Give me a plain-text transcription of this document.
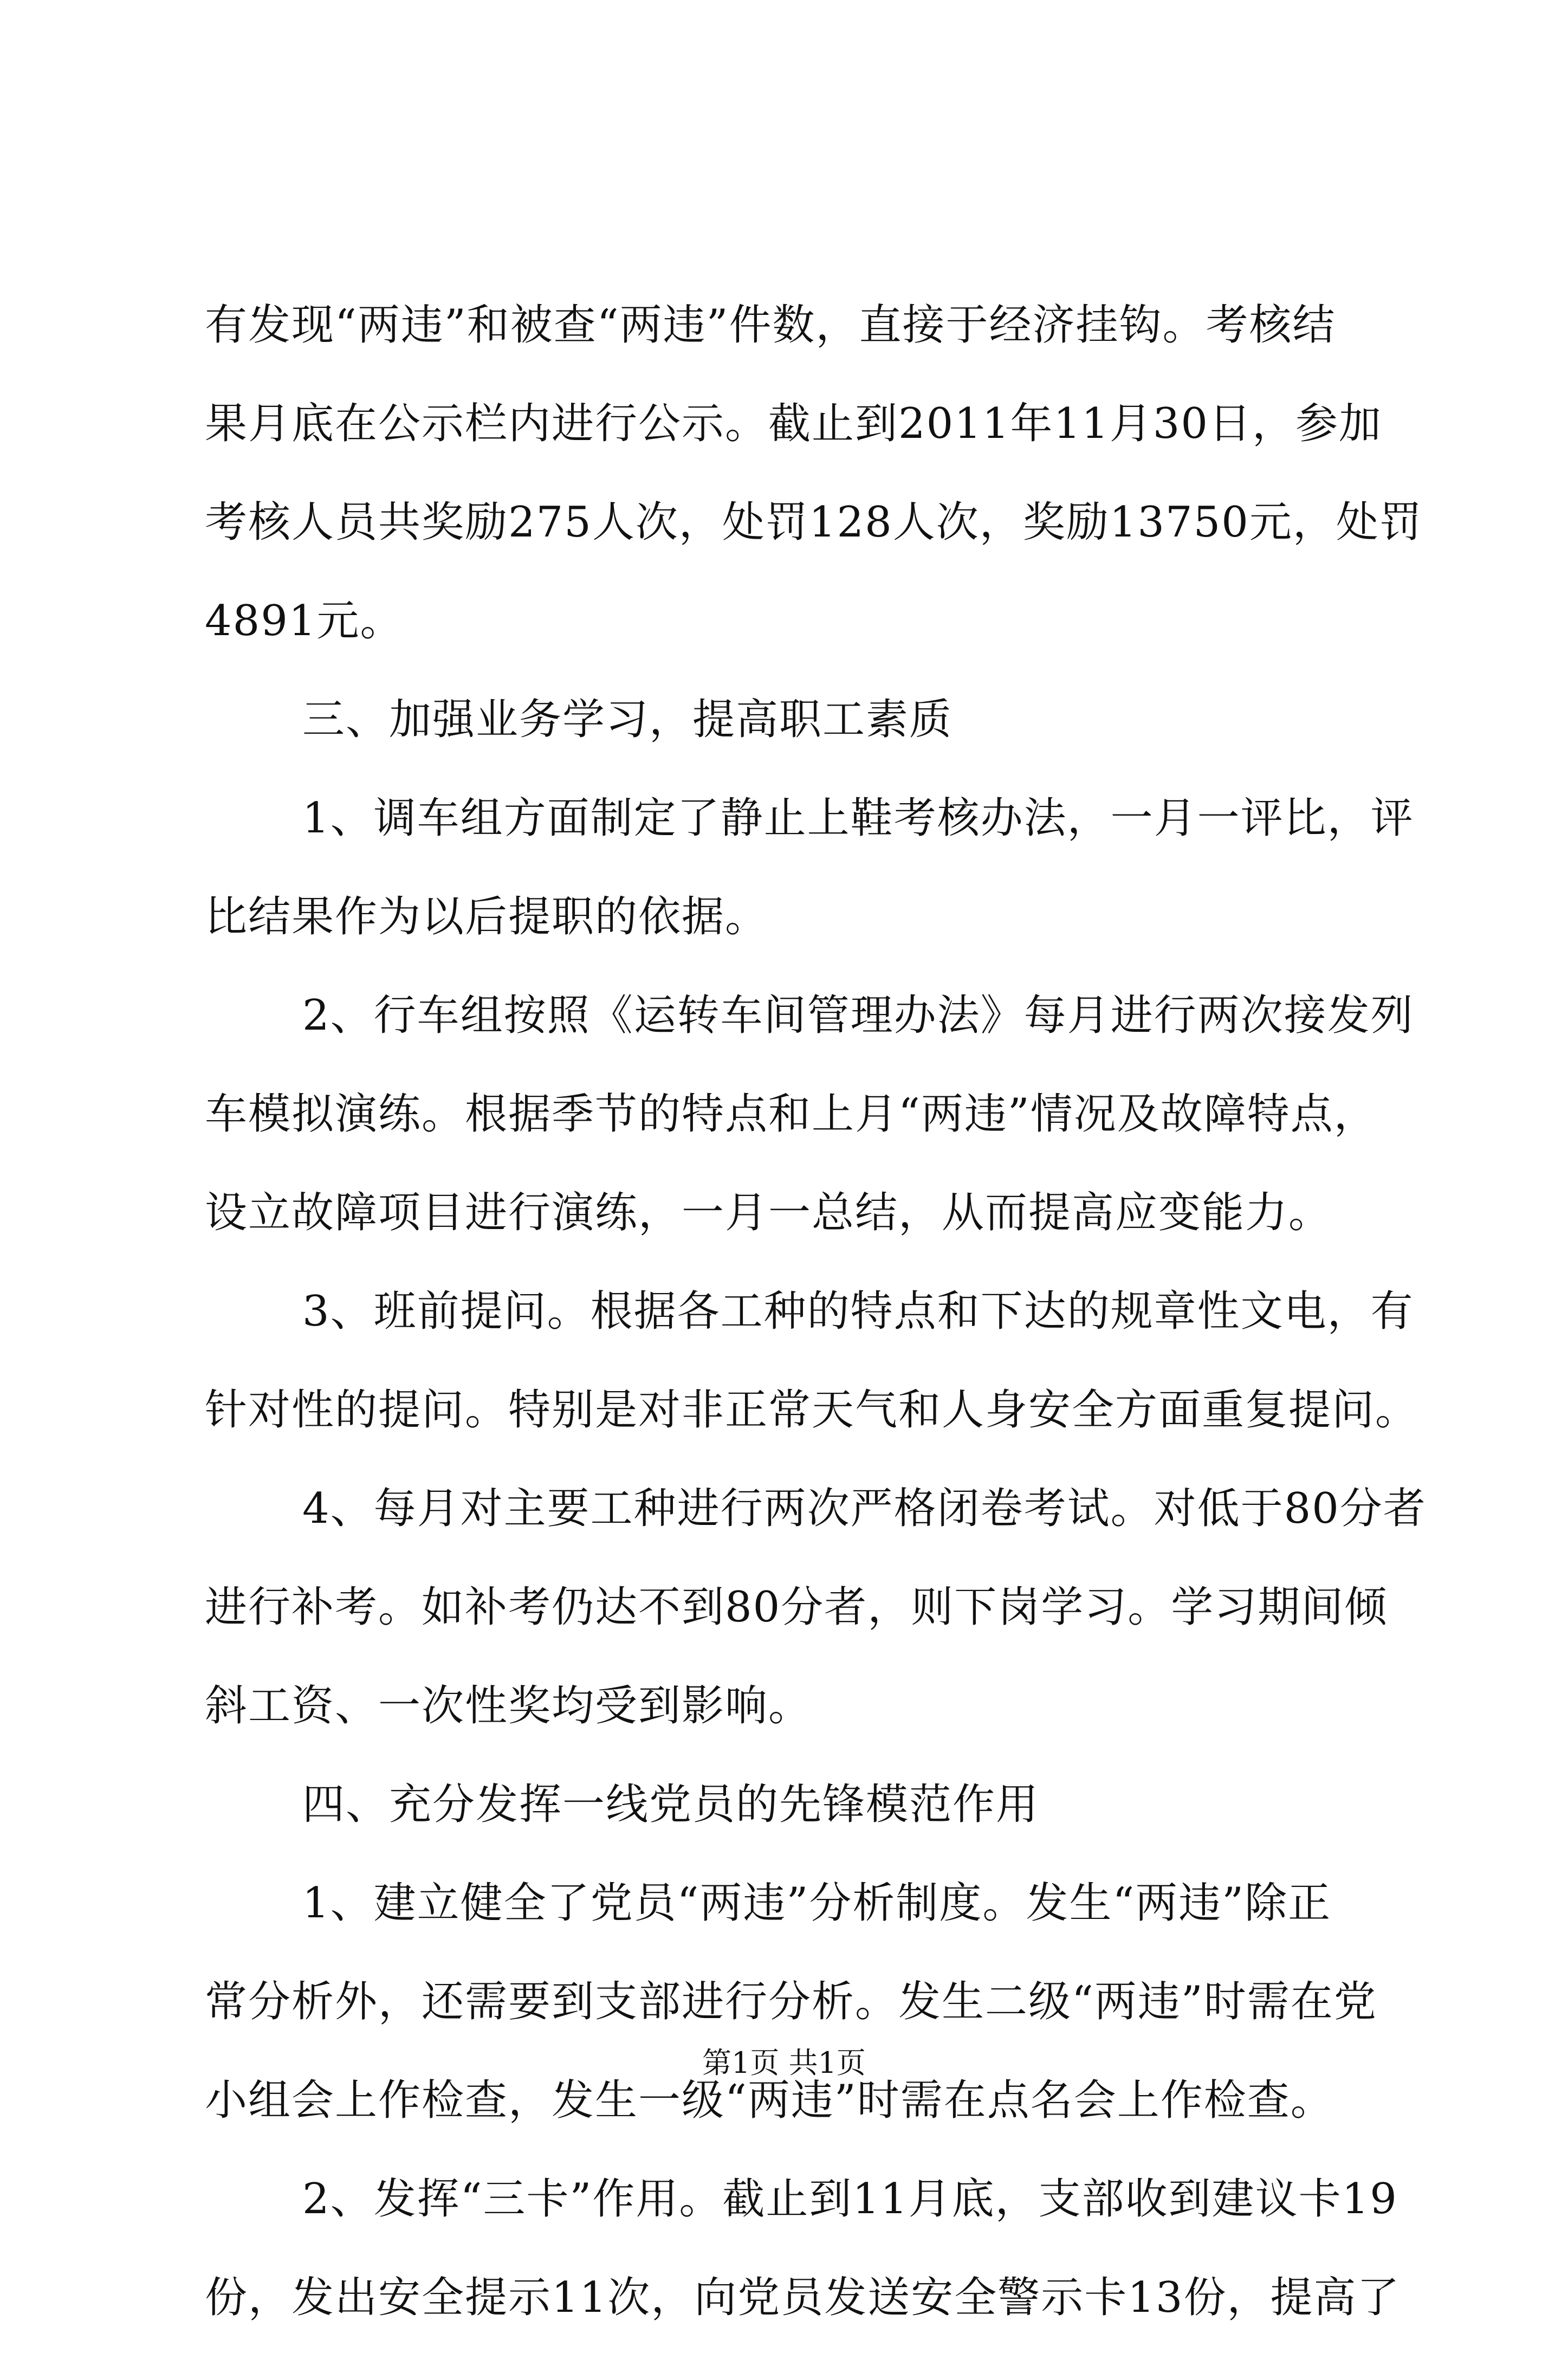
有发现“两违”和被查“两违”件数，直接于经济挂钩。考核结
果月底在公示栏内进行公示。截止到2011年11月30日，参加
考核人员共奖励275人次，处罚128人次，奖励13750元，处罚
4891元。
三、加强业务学习，提高职工素质
1、调车组方面制定了静止上鞋考核办法，一月一评比，评
比结果作为以后提职的依据。
2、行车组按照《运转车间管理办法》每月进行两次接发列
车模拟演练。根据季节的特点和上月“两违”情况及故障特点，
设立故障项目进行演练，一月一总结，从而提高应变能力。
3、班前提问。根据各工种的特点和下达的规章性文电，有
针对性的提问。特别是对非正常天气和人身安全方面重复提问。
4、每月对主要工种进行两次严格闭卷考试。对低于80分者
进行补考。如补考仍达不到80分者，则下岗学习。学习期间倾
斜工资、一次性奖均受到影响。
四、充分发挥一线党员的先锋模范作用
1、建立健全了党员“两违”分析制度。发生“两违”除正
常分析外，还需要到支部进行分析。发生二级“两违”时需在党
小组会上作检查，发生一级“两违”时需在点名会上作检查。
2、发挥“三卡”作用。截止到11月底，支部收到建议卡19
份，发出安全提示11次，向党员发送安全警示卡13份，提高了
第1页 共1页
